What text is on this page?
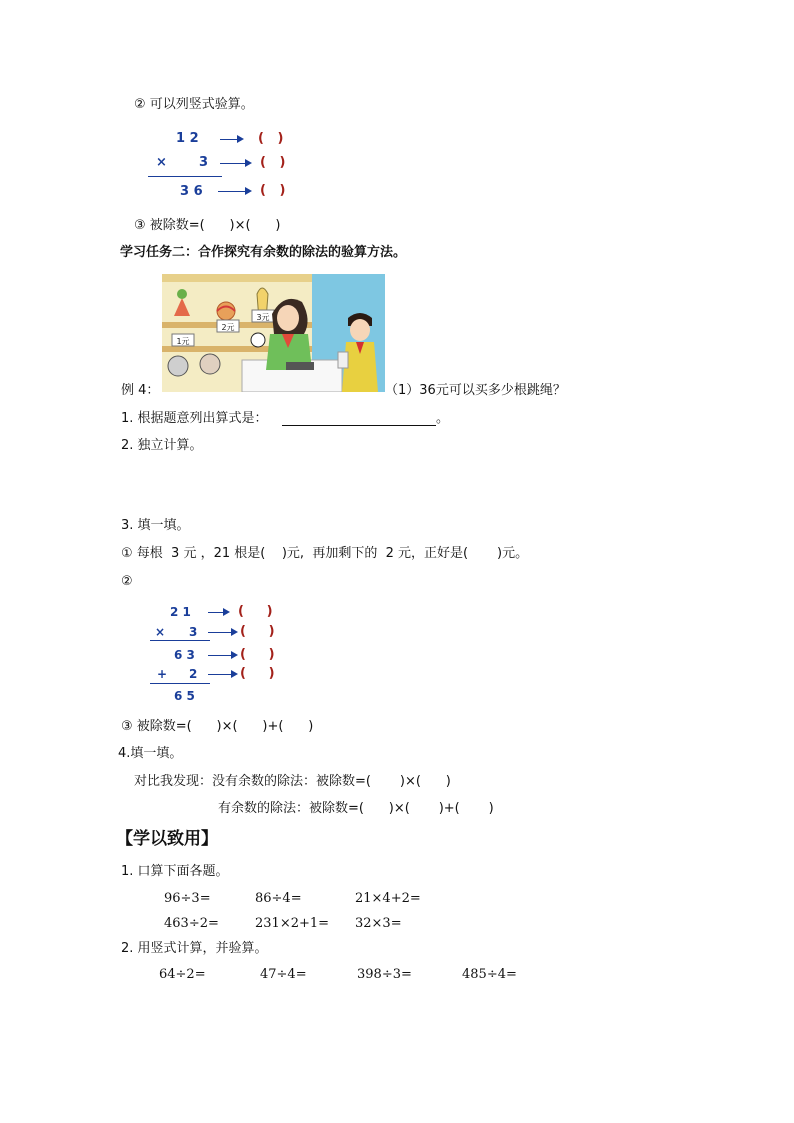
② 可以列竖式验算。
1 2	(   )
× 3	(   )
3 6	(   )
③ 被除数=(      )×(      )
学习任务二：合作探究有余数的除法的验算方法。
1元
2元
3元
例 4：	（1）36元可以买多少根跳绳？
1. 根据题意列出算式是：	。
2. 独立计算。
3. 填一填。
① 每根  3 元 ，21 根是(    )元,  再加剩下的  2 元，正好是(       )元。
②
2 1	(     )
× 3	(     )
6 3	(     )
+ 2	(     )
6 5
③ 被除数=(      )×(      )+(      )
4.填一填。
对比我发现：没有余数的除法：被除数=(       )×(      )
有余数的除法：被除数=(      )×(       )+(       )
【学以致用】
1. 口算下面各题。
96÷3=	86÷4=	21×4+2=
463÷2=	231×2+1= 32×3=
2. 用竖式计算，并验算。
64÷2=	47÷4=	398÷3=	485÷4=
